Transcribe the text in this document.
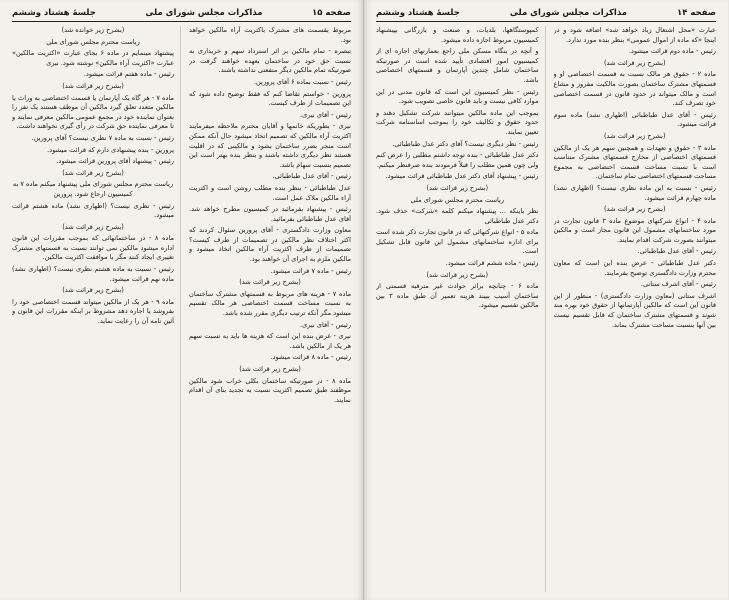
صفحه ۱۵
مذاکرات مجلس شورای ملی
جلسهٔ هشتاد وششم

مربوط بقسمت های مشترک باکثریت آراء مالکین خواهد بود.

تبصره - تمام مالکین بر اثر استرداد سهم و خریداری به نسبت حق خود در ساختمان بعهده خواهند گرفت در صورتیکه تمام مالکین دیگر منفعتی نداشته باشند.

رئیس - نسبت بماده ۶ آقای پرورین.

پرورین - خواستم تقاضا کنم که فقط توضیح داده شود که این تصمیمات از طرف کیست.

رئیس - آقای نیری.

نیری - بطوریکه خانمها و آقایان محترم ملاحظه میفرمایند اکثریت آراء مالکین که تصمیم اتخاذ میشود حال آنکه ممکن است منجر بضرر ساختمان بشود و مالکینی که در اقلیت هستند نظر دیگری داشته باشند و بنظر بنده بهتر است این تصمیم بنسبت سهام باشد.

رئیس - آقای عدل طباطبائی.

عدل طباطبائی - بنظر بنده مطلب روشن است و اکثریت آراء مالکین ملاک عمل است.

رئیس - پیشنهاد بفرمائید در کمیسیون مطرح خواهد شد. آقای عدل طباطبائی بفرمائید.

معاون وزارت دادگستری - آقای پرورین سئوال کردند که اکثر اختلاف نظر مالکین در تصمیمات از طرف کیست؟ تصمیمات از طرف اکثریت آراء مالکین اتخاذ میشود و مالکین ملزم به اجرای آن خواهند بود.

رئیس - ماده ۷ قرائت میشود.

(بشرح زیر قرائت شد)

ماده ۷ - هزینه های مربوط به قسمتهای مشترک ساختمان به نسبت مساحت قسمت اختصاصی هر مالک تقسیم میشود مگر آنکه ترتیب دیگری مقرر شده باشد.

رئیس - آقای نیری.

نیری - عرض بنده این است که هزینه ها باید به نسبت سهم هر یک از مالکین باشد.

رئیس - ماده ۸ قرائت میشود.

(بشرح زیر قرائت شد)

ماده ۸ - در صورتیکه ساختمان بکلی خراب شود مالکین موظفند طبق تصمیم اکثریت نسبت به تجدید بنای آن اقدام نمایند.

(بشرح زیر خوانده شد)

ریاست محترم مجلس شورای ملی

پیشنهاد مینمایم در ماده ۶ بجای عبارت «اکثریت مالکین» عبارت «اکثریت آراء مالکین» نوشته شود. نیری

رئیس - ماده هفتم قرائت میشود.

(بشرح زیر قرائت شد)

ماده ۷ - هر گاه یک آپارتمان یا قسمت اختصاصی به وراث یا مالکین متعدد تعلق گیرد مالکین آن موظف هستند یک نفر را بعنوان نماینده خود در مجمع عمومی مالکین معرفی نمایند و تا معرفی نماینده حق شرکت در رأی گیری نخواهند داشت.

رئیس - نسبت به ماده ۷ نظری نیست؟ آقای پرورین.

پرورین - بنده پیشنهادی دارم که قرائت میشود.

رئیس - پیشنهاد آقای پرورین قرائت میشود.

(بشرح زیر قرائت شد)

ریاست محترم مجلس شورای ملی پیشنهاد میکنم ماده ۷ به کمیسیون ارجاع شود. پرورین

رئیس - نظری نیست؟ (اظهاری نشد) ماده هشتم قرائت میشود.

(بشرح زیر قرائت شد)

ماده ۸ - در ساختمانهائی که بموجب مقررات این قانون اداره میشود مالکین نمی توانند نسبت به قسمتهای مشترک تغییری ایجاد کنند مگر با موافقت اکثریت مالکین.

رئیس - نسبت به ماده هشتم نظری نیست؟ (اظهاری نشد) ماده نهم قرائت میشود.

(بشرح زیر قرائت شد)

ماده ۹ - هر یک از مالکین میتواند قسمت اختصاصی خود را بفروشد یا اجاره دهد مشروط بر اینکه مقررات این قانون و آئین نامه آن را رعایت نماید.

صفحه ۱۴
مذاکرات مجلس شورای ملی
جلسهٔ هشتاد وششم

عبارت «محل اشتغال زیاد خواهد شد» اضافه شود و در اینجا «که ماده از اموال عمومی» بنظر بنده مورد ندارد.

رئیس - ماده دوم قرائت میشود.

(بشرح زیر قرائت شد)

ماده ۲ - حقوق هر مالک نسبت به قسمت اختصاصی او و قسمتهای مشترک ساختمان بصورت مالکیت مفروز و مشاع است و مالک میتواند در حدود قانون در قسمت اختصاصی خود تصرف کند.

رئیس - آقای عدل طباطبائی (اظهاری نشد) ماده سوم قرائت میشود.

(بشرح زیر قرائت شد)

ماده ۳ - حقوق و تعهدات و همچنین سهم هر یک از مالکین قسمتهای اختصاصی از مخارج قسمتهای مشترک متناسب است با نسبت مساحت قسمت اختصاصی به مجموع مساحت قسمتهای اختصاصی تمام ساختمان.

رئیس - نسبت به این ماده نظری نیست؟ (اظهاری نشد) ماده چهارم قرائت میشود.

(بشرح زیر قرائت شد)

ماده ۴ - انواع شرکتهای موضوع ماده ۳ قانون تجارت در مورد ساختمانهای مشمول این قانون مجاز است و مالکین میتوانند بصورت شرکت اقدام نمایند.

رئیس - آقای عدل طباطبائی.

دکتر عدل طباطبائی - عرض بنده این است که معاون محترم وزارت دادگستری توضیح بفرمایند.

رئیس - آقای اشرف ستانی.

اشرف ستانی (معاون وزارت دادگستری) - منظور از این قانون این است که مالکین آپارتمانها از حقوق خود بهره مند شوند و قسمتهای مشترک ساختمان که قابل تقسیم نیست بین آنها بنسبت مساحت مشترک بماند.

کمپوستگاهها، بلدیات، و صنعت و بازرگانی بپیشنهاد کمیسیون مربوط اجازه داده میشود.

و آنچه در بنگاه مسکن ملی راجع بعمارتهای اجاره ای از کمیسیون امور اقتصادی تأیید شده است در صورتیکه ساختمان شامل چندین آپارتمان و قسمتهای اختصاصی باشد.

رئیس - نظر کمیسیون این است که قانون مدنی در این موارد کافی نیست و باید قانون خاصی تصویب شود.

بموجب این ماده مالکین میتوانند شرکت تشکیل دهند و حدود حقوق و تکالیف خود را بموجب اساسنامه شرکت تعیین نمایند.

رئیس - نظر دیگری نیست؟ آقای دکتر عدل طباطبائی.

دکتر عدل طباطبائی - بنده توجه داشتم مطلبی را عرض کنم ولی چون همین مطلب را قبلاً فرمودند بنده صرفنظر میکنم.

رئیس - پیشنهاد آقای دکتر عدل طباطبائی قرائت میشود.

(بشرح زیر قرائت شد)

ریاست محترم مجلس شورای ملی

نظر باینکه ... پیشنهاد میکنم کلمه «شرکت» حذف شود. دکتر عدل طباطبائی

ماده ۵ - انواع شرکتهائی که در قانون تجارت ذکر شده است برای اداره ساختمانهای مشمول این قانون قابل تشکیل است.

رئیس - ماده ششم قرائت میشود.

(بشرح زیر قرائت شد)

ماده ۶ - چنانچه براثر حوادث غیر مترقبه قسمتی از ساختمان آسیب ببیند هزینه تعمیر آن طبق ماده ۳ بین مالکین تقسیم میشود.
